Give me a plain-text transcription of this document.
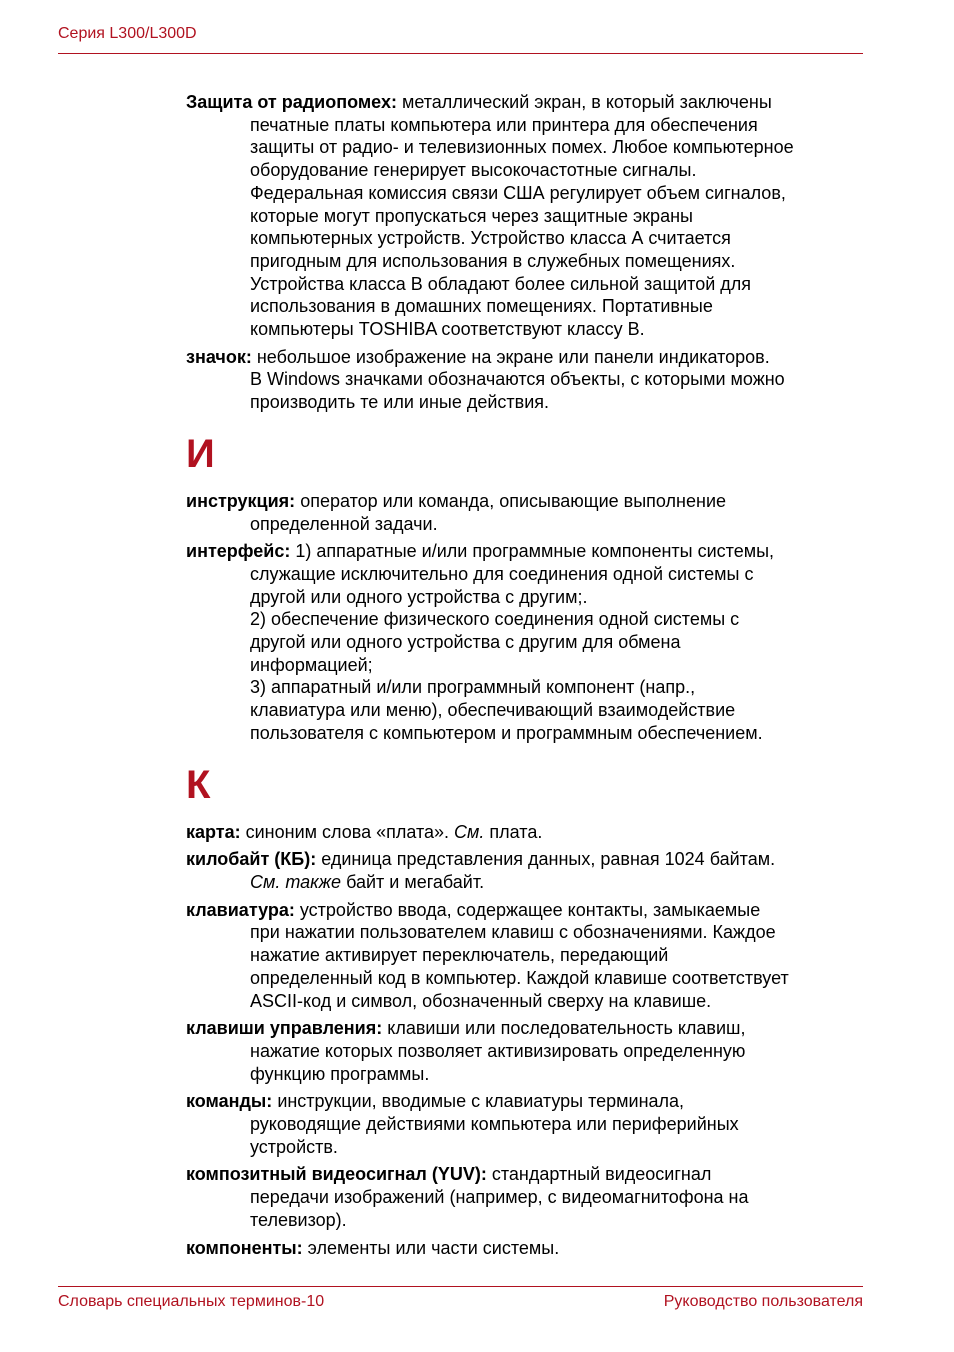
Серия L300/L300D

Защита от радиопомех: металлический экран, в который заключены
печатные платы компьютера или принтера для обеспечения
защиты от радио- и телевизионных помех. Любое компьютерное
оборудование генерирует высокочастотные сигналы.
Федеральная комиссия связи США регулирует объем сигналов,
которые могут пропускаться через защитные экраны
компьютерных устройств. Устройство класса А считается
пригодным для использования в служебных помещениях.
Устройства класса В обладают более сильной защитой для
использования в домашних помещениях. Портативные
компьютеры TOSHIBA соответствуют классу В.

значок: небольшое изображение на экране или панели индикаторов.
В Windows значками обозначаются объекты, с которыми можно
производить те или иные действия.

И

инструкция: оператор или команда, описывающие выполнение
определенной задачи.

интерфейс: 1) аппаратные и/или программные компоненты системы,
служащие исключительно для соединения одной системы с
другой или одного устройства с другим;.
2) обеспечение физического соединения одной системы с
другой или одного устройства с другим для обмена
информацией;
3) аппаратный и/или программный компонент (напр.,
клавиатура или меню), обеспечивающий взаимодействие
пользователя с компьютером и программным обеспечением.

К

карта: синоним слова «плата». См. плата.

килобайт (КБ): единица представления данных, равная 1024 байтам.
См. также байт и мегабайт.

клавиатура: устройство ввода, содержащее контакты, замыкаемые
при нажатии пользователем клавиш с обозначениями. Каждое
нажатие активирует переключатель, передающий
определенный код в компьютер. Каждой клавише соответствует
ASCII-код и символ, обозначенный сверху на клавише.

клавиши управления: клавиши или последовательность клавиш,
нажатие которых позволяет активизировать определенную
функцию программы.

команды: инструкции, вводимые с клавиатуры терминала,
руководящие действиями компьютера или периферийных
устройств.

композитный видеосигнал (YUV): стандартный видеосигнал
передачи изображений (например, с видеомагнитофона на
телевизор).

компоненты: элементы или части системы.

Словарь специальных терминов-10	Руководство пользователя
